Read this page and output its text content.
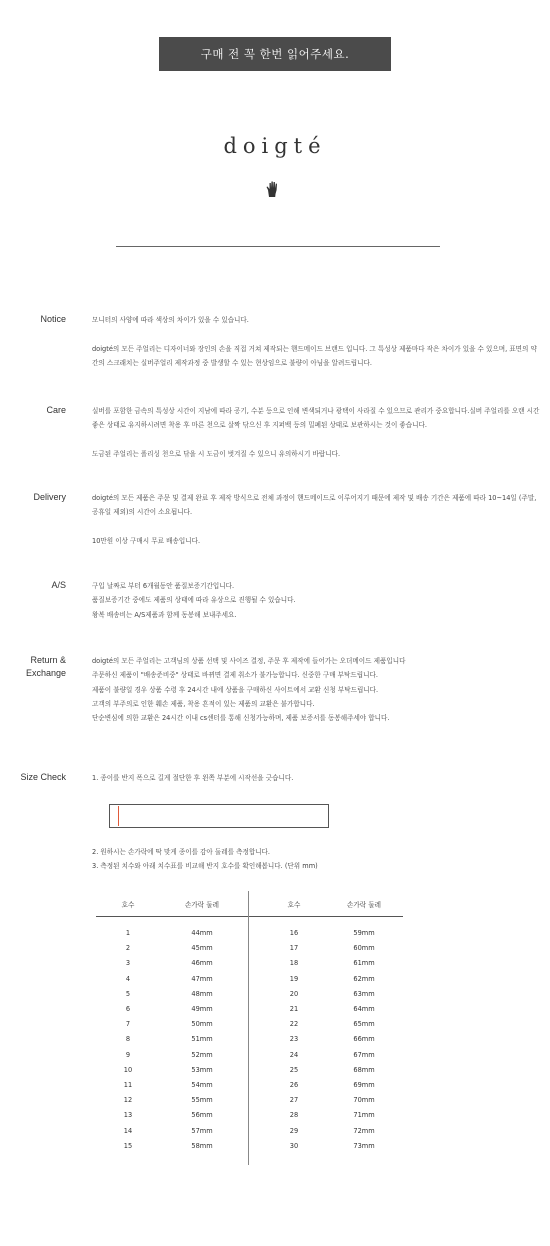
구매 전 꼭 한번 읽어주세요.
doigté
Notice	모니터의 사양에 따라 색상의 차이가 있을 수 있습니다.

doigté의 모든 주얼리는 디자이너와 장인의 손을 직접 거쳐 제작되는 핸드메이드 브랜드 입니다. 그 특성상 제품마다 작은 차이가 있을 수 있으며, 표면의 약간의 스크래치는 실버주얼리 제작과정 중 발생할 수 있는 현상임으로 불량이 아님을 알려드립니다.

Care	실버를 포함한 금속의 특성상 시간이 지남에 따라 공기, 수분 등으로 인해 변색되거나 광택이 사라질 수 있으므로 관리가 중요합니다.실버 주얼리를 오랜 시간 좋은 상태로 유지하시려면 착용 후 마른 천으로 살짝 닦으신 후 지퍼백 등의 밀폐된 상태로 보관하시는 것이 좋습니다.

도금된 주얼리는 폴리싱 천으로 닦을 시 도금이 벗겨질 수 있으니 유의하시기 바랍니다.

Delivery	doigté의 모든 제품은 주문 및 결제 완료 후 제작 방식으로 전체 과정이 핸드메이드로 이루어지기 때문에 제작 및 배송 기간은 제품에 따라 10~14일 (주말, 공휴일 제외)의 시간이 소요됩니다.

10만원 이상 구매시 무료 배송입니다.

A/S	구입 날짜로 부터 6개월동안 품질보증기간입니다.

품질보증기간 중에도 제품의 상태에 따라 유상으로 진행될 수 있습니다.

왕복 배송비는 A/S제품과 함께 동봉해 보내주세요.

Return &
Exchange

doigté의 모든 주얼리는 고객님의 상품 선택 및 사이즈 결정, 주문 후 제작에 들어가는 오더메이드 제품입니다

주문하신 제품이 "배송준비중" 상태로 바뀌면 결제 취소가 불가능합니다. 신중한 구매 부탁드립니다.

제품이 불량일 경우 상품 수령 후 24시간 내에 상품을 구매하신 사이트에서 교환 신청 부탁드립니다.

고객의 부주의로 인한 훼손 제품, 착용 흔적이 있는 제품의 교환은 불가합니다.

단순변심에 의한 교환은 24시간 이내 cs센터를 통해 신청가능하며, 제품 보증서를 동봉해주세야 합니다.

Size Check	1. 종이를 반지 폭으로 길게 절단한 후 왼쪽 부분에 시작선을 긋습니다.

2. 원하시는 손가락에 딱 맞게 종이를 감아 둘레를 측정합니다.

3. 측정된 치수와 아래 치수표를 비교해 반지 호수를 확인해봅니다. (단위 mm)

호수	손가락 둘레	호수	손가락 둘레
1	44mm	16	59mm
2	45mm	17	60mm
3	46mm	18	61mm
4	47mm	19	62mm
5	48mm	20	63mm
6	49mm	21	64mm
7	50mm	22	65mm
8	51mm	23	66mm
9	52mm	24	67mm
10	53mm	25	68mm
11	54mm	26	69mm
12	55mm	27	70mm
13	56mm	28	71mm
14	57mm	29	72mm
15	58mm	30	73mm
